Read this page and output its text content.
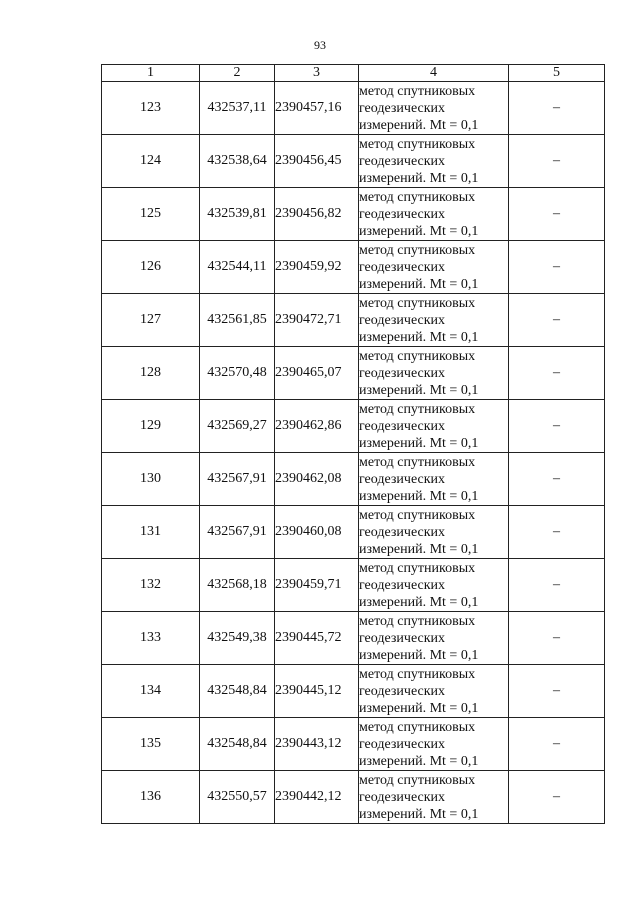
93
1	2	3	4	5
123	432537,11	2390457,16	метод спутниковых
геодезических
измерений. Mt = 0,1	–
124	432538,64	2390456,45	метод спутниковых
геодезических
измерений. Mt = 0,1	–
125	432539,81	2390456,82	метод спутниковых
геодезических
измерений. Mt = 0,1	–
126	432544,11	2390459,92	метод спутниковых
геодезических
измерений. Mt = 0,1	–
127	432561,85	2390472,71	метод спутниковых
геодезических
измерений. Mt = 0,1	–
128	432570,48	2390465,07	метод спутниковых
геодезических
измерений. Mt = 0,1	–
129	432569,27	2390462,86	метод спутниковых
геодезических
измерений. Mt = 0,1	–
130	432567,91	2390462,08	метод спутниковых
геодезических
измерений. Mt = 0,1	–
131	432567,91	2390460,08	метод спутниковых
геодезических
измерений. Mt = 0,1	–
132	432568,18	2390459,71	метод спутниковых
геодезических
измерений. Mt = 0,1	–
133	432549,38	2390445,72	метод спутниковых
геодезических
измерений. Mt = 0,1	–
134	432548,84	2390445,12	метод спутниковых
геодезических
измерений. Mt = 0,1	–
135	432548,84	2390443,12	метод спутниковых
геодезических
измерений. Mt = 0,1	–
136	432550,57	2390442,12	метод спутниковых
геодезических
измерений. Mt = 0,1	–
